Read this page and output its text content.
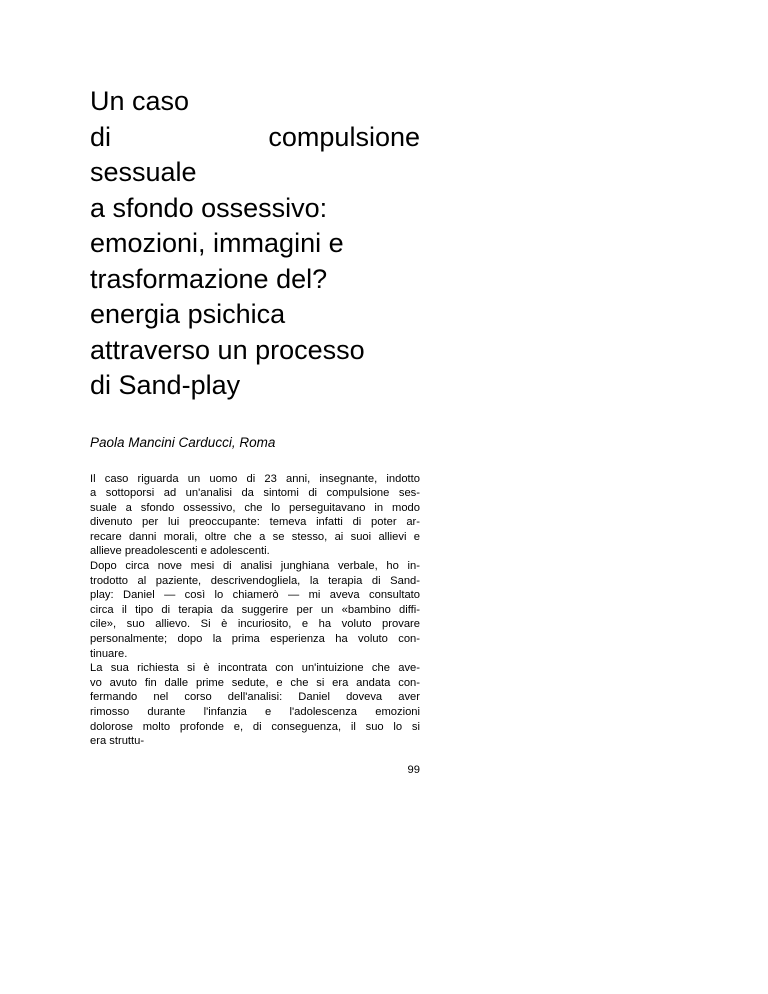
Un caso
di	compulsione
sessuale
a sfondo ossessivo:
emozioni, immagini e
trasformazione del?
energia psichica
attraverso un processo
di Sand-play
Paola Mancini Carducci, Roma
Il caso riguarda un uomo di 23 anni, insegnante, indotto
a sottoporsi ad un'analisi da sintomi di compulsione ses-
suale a sfondo ossessivo, che lo perseguitavano in modo
divenuto per lui preoccupante: temeva infatti di poter ar-
recare danni morali, oltre che a se stesso, ai suoi allievi e
allieve preadolescenti e adolescenti.
Dopo circa nove mesi di analisi junghiana verbale, ho in-
trodotto al paziente, descrivendogliela, la terapia di Sand-
play: Daniel — così lo chiamerò — mi aveva consultato
circa il tipo di terapia da suggerire per un «bambino diffi-
cile», suo allievo. Si è incuriosito, e ha voluto provare
personalmente; dopo la prima esperienza ha voluto con-
tinuare.
La sua richiesta si è incontrata con un'intuizione che ave-
vo avuto fin dalle prime sedute, e che si era andata con-
fermando nel corso dell'analisi: Daniel doveva aver
rimosso durante l'infanzia e l'adolescenza emozioni
dolorose molto profonde e, di conseguenza, il suo lo si
era struttu-
99
